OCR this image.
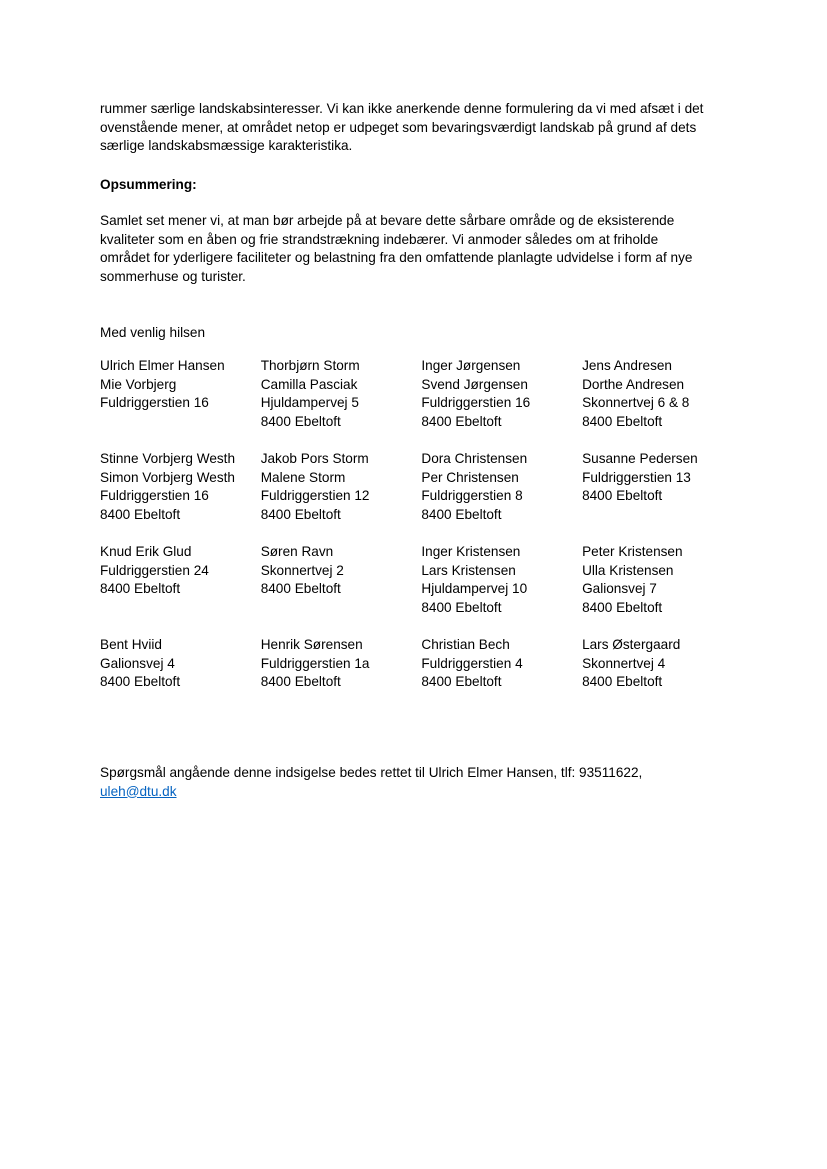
rummer særlige landskabsinteresser. Vi kan ikke anerkende denne formulering da vi med afsæt i det

ovenstående mener, at området netop er udpeget som bevaringsværdigt landskab på grund af dets

særlige landskabsmæssige karakteristika.

Opsummering:

Samlet set mener vi, at man bør arbejde på at bevare dette sårbare område og de eksisterende

kvaliteter som en åben og frie strandstrækning indebærer. Vi anmoder således om at friholde

området for yderligere faciliteter og belastning fra den omfattende planlagte udvidelse i form af nye

sommerhuse og turister.

Med venlig hilsen
Ulrich Elmer Hansen
Mie Vorbjerg
Fuldriggerstien 16
Thorbjørn Storm
Camilla Pasciak
Hjuldampervej 5
8400 Ebeltoft
Inger Jørgensen
Svend Jørgensen
Fuldriggerstien 16
8400 Ebeltoft
Jens Andresen
Dorthe Andresen
Skonnertvej 6 & 8
8400 Ebeltoft
Stinne Vorbjerg Westh
Simon Vorbjerg Westh
Fuldriggerstien 16
8400 Ebeltoft
Jakob Pors Storm
Malene Storm
Fuldriggerstien 12
8400 Ebeltoft
Dora Christensen
Per Christensen
Fuldriggerstien 8
8400 Ebeltoft
Susanne Pedersen
Fuldriggerstien 13
8400 Ebeltoft
Knud Erik Glud
Fuldriggerstien 24
8400 Ebeltoft
Søren Ravn
Skonnertvej 2
8400 Ebeltoft
Inger Kristensen
Lars Kristensen
Hjuldampervej 10
8400 Ebeltoft
Peter Kristensen
Ulla Kristensen
Galionsvej 7
8400 Ebeltoft
Bent Hviid
Galionsvej 4
8400 Ebeltoft
Henrik Sørensen
Fuldriggerstien 1a
8400 Ebeltoft
Christian Bech
Fuldriggerstien 4
8400 Ebeltoft
Lars Østergaard
Skonnertvej 4
8400 Ebeltoft
Spørgsmål angående denne indsigelse bedes rettet til Ulrich Elmer Hansen, tlf: 93511622,
uleh@dtu.dk
